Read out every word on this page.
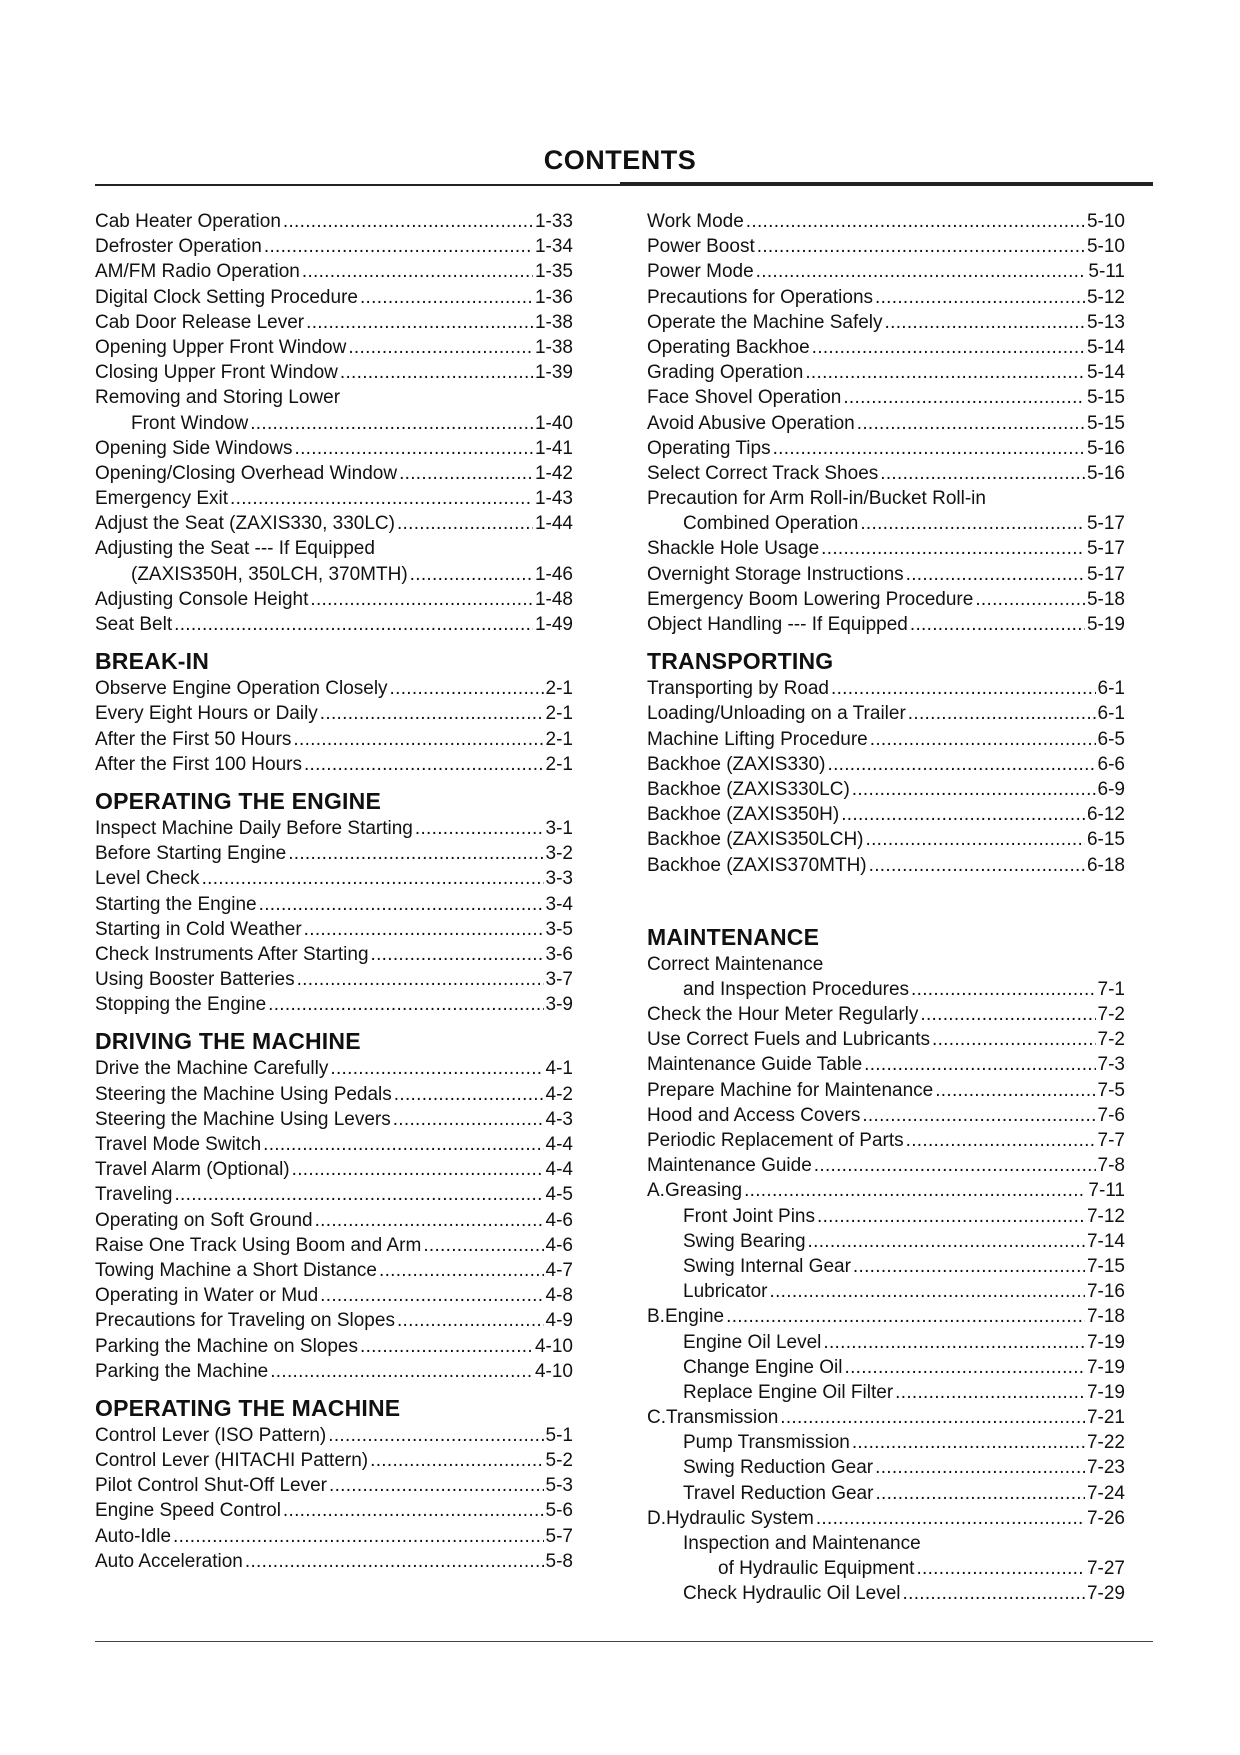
CONTENTS
Cab Heater Operation .....	1-33
Defroster Operation .....	1-34
AM/FM Radio Operation .....	1-35
Digital Clock Setting Procedure .....	1-36
Cab Door Release Lever .....	1-38
Opening Upper Front Window .....	1-38
Closing Upper Front Window .....	1-39
Removing and Storing Lower
Front Window .....	1-40
Opening Side Windows .....	1-41
Opening/Closing Overhead Window .....	1-42
Emergency Exit .....	1-43
Adjust the Seat (ZAXIS330, 330LC) .....	1-44
Adjusting the Seat --- If Equipped
(ZAXIS350H, 350LCH, 370MTH) .....	1-46
Adjusting Console Height .....	1-48
Seat Belt .....	1-49
BREAK-IN
Observe Engine Operation Closely .....	2-1
Every Eight Hours or Daily .....	2-1
After the First 50 Hours .....	2-1
After the First 100 Hours .....	2-1
OPERATING THE ENGINE
Inspect Machine Daily Before Starting .....	3-1
Before Starting Engine .....	3-2
Level Check .....	3-3
Starting the Engine .....	3-4
Starting in Cold Weather .....	3-5
Check Instruments After Starting .....	3-6
Using Booster Batteries .....	3-7
Stopping the Engine .....	3-9
DRIVING THE MACHINE
Drive the Machine Carefully .....	4-1
Steering the Machine Using Pedals .....	4-2
Steering the Machine Using Levers .....	4-3
Travel Mode Switch .....	4-4
Travel Alarm (Optional) .....	4-4
Traveling .....	4-5
Operating on Soft Ground .....	4-6
Raise One Track Using Boom and Arm .....	4-6
Towing Machine a Short Distance .....	4-7
Operating in Water or Mud .....	4-8
Precautions for Traveling on Slopes .....	4-9
Parking the Machine on Slopes .....	4-10
Parking the Machine .....	4-10
OPERATING THE MACHINE
Control Lever (ISO Pattern) .....	5-1
Control Lever (HITACHI Pattern) .....	5-2
Pilot Control Shut-Off Lever .....	5-3
Engine Speed Control .....	5-6
Auto-Idle .....	5-7
Auto Acceleration .....	5-8
Work Mode .....	5-10
Power Boost .....	5-10
Power Mode .....	5-11
Precautions for Operations .....	5-12
Operate the Machine Safely .....	5-13
Operating Backhoe .....	5-14
Grading Operation .....	5-14
Face Shovel Operation .....	5-15
Avoid Abusive Operation .....	5-15
Operating Tips .....	5-16
Select Correct Track Shoes .....	5-16
Precaution for Arm Roll-in/Bucket Roll-in
Combined Operation .....	5-17
Shackle Hole Usage .....	5-17
Overnight Storage Instructions .....	5-17
Emergency Boom Lowering Procedure .....	5-18
Object Handling --- If Equipped .....	5-19
TRANSPORTING
Transporting by Road .....	6-1
Loading/Unloading on a Trailer .....	6-1
Machine Lifting Procedure .....	6-5
Backhoe (ZAXIS330) .....	6-6
Backhoe (ZAXIS330LC) .....	6-9
Backhoe (ZAXIS350H) .....	6-12
Backhoe (ZAXIS350LCH) .....	6-15
Backhoe (ZAXIS370MTH) .....	6-18
MAINTENANCE
Correct Maintenance
and Inspection Procedures .....	7-1
Check the Hour Meter Regularly .....	7-2
Use Correct Fuels and Lubricants .....	7-2
Maintenance Guide Table .....	7-3
Prepare Machine for Maintenance .....	7-5
Hood and Access Covers .....	7-6
Periodic Replacement of Parts .....	7-7
Maintenance Guide .....	7-8
A. Greasing .....	7-11
Front Joint Pins .....	7-12
Swing Bearing .....	7-14
Swing Internal Gear .....	7-15
Lubricator .....	7-16
B. Engine .....	7-18
Engine Oil Level .....	7-19
Change Engine Oil .....	7-19
Replace Engine Oil Filter .....	7-19
C. Transmission .....	7-21
Pump Transmission .....	7-22
Swing Reduction Gear .....	7-23
Travel Reduction Gear .....	7-24
D. Hydraulic System .....	7-26
Inspection and Maintenance
of Hydraulic Equipment .....	7-27
Check Hydraulic Oil Level .....	7-29
